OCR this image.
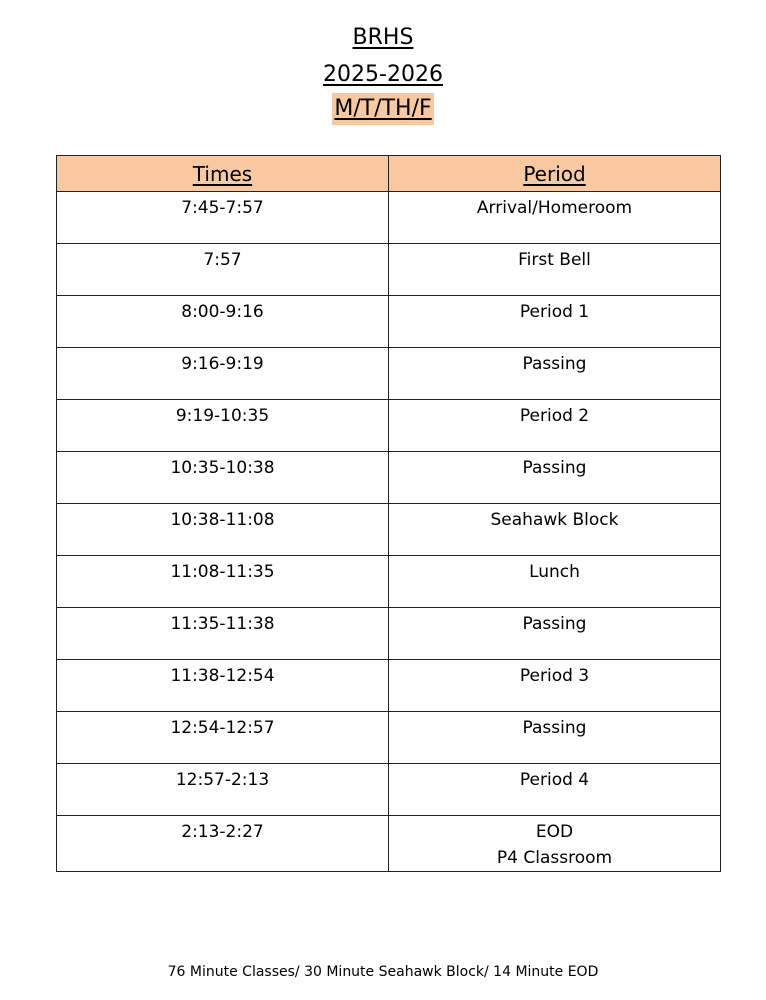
BRHS
2025-2026
M/T/TH/F
Times	Period

7:45-7:57	Arrival/Homeroom

7:57	First Bell

8:00-9:16	Period 1

9:16-9:19	Passing

9:19-10:35	Period 2

10:35-10:38	Passing

10:38-11:08	Seahawk Block

11:08-11:35	Lunch

11:35-11:38	Passing

11:38-12:54	Period 3

12:54-12:57	Passing

12:57-2:13	Period 4

2:13-2:27	EOD
P4 Classroom
76 Minute Classes/ 30 Minute Seahawk Block/ 14 Minute EOD
